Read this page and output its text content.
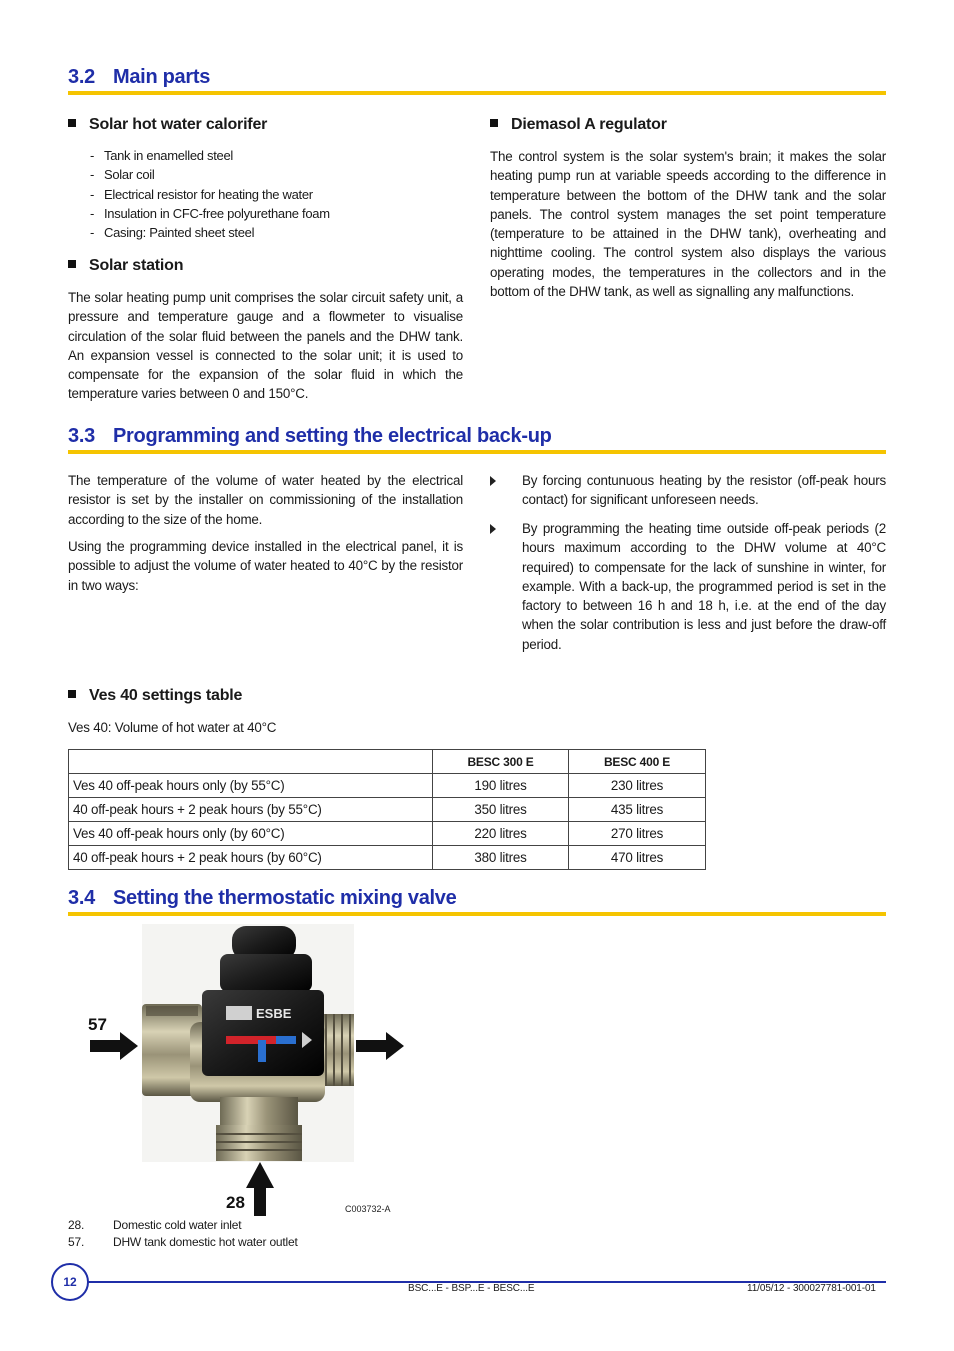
3.2 Main parts
Solar hot water calorifer
- Tank in enamelled steel
- Solar coil
- Electrical resistor for heating the water
- Insulation in CFC-free polyurethane foam
- Casing: Painted sheet steel
Solar station

The solar heating pump unit comprises the solar circuit safety unit, a pressure and temperature gauge and a flowmeter to visualise circulation of the solar fluid between the panels and the DHW tank. An expansion vessel is connected to the solar unit; it is used to compensate for the expansion of the solar fluid in which the temperature varies between 0 and 150°C.

Diemasol A regulator

The control system is the solar system's brain; it makes the solar heating pump run at variable speeds according to the difference in temperature between the bottom of the DHW tank and the solar panels. The control system manages the set point temperature (temperature to be attained in the DHW tank), overheating and nighttime cooling. The control system also displays the various operating modes, the temperatures in the collectors and in the bottom of the DHW tank, as well as signalling any malfunctions.

3.3 Programming and setting the electrical back-up

The temperature of the volume of water heated by the electrical resistor is set by the installer on commissioning of the installation according to the size of the home.

Using the programming device installed in the electrical panel, it is possible to adjust the volume of water heated to 40°C by the resistor in two ways:

By forcing contunuous heating by the resistor (off-peak hours contact) for significant unforeseen needs.
By programming the heating time outside off-peak periods (2 hours maximum according to the DHW volume at 40°C required) to compensate for the lack of sunshine in winter, for example. With a back-up, the programmed period is set in the factory to between 16 h and 18 h, i.e. at the end of the day when the solar contribution is less and just before the draw-off period.
Ves 40 settings table

Ves 40: Volume of hot water at 40°C

	BESC 300 E	BESC 400 E
Ves 40 off-peak hours only (by 55°C)	190 litres	230 litres
40 off-peak hours + 2 peak hours (by 55°C)	350 litres	435 litres
Ves 40 off-peak hours only (by 60°C)	220 litres	270 litres
40 off-peak hours + 2 peak hours (by 60°C)	380 litres	470 litres
3.4 Setting the thermostatic mixing valve
ESBE
57
28	C003732-A
28. Domestic cold water inlet
57. DHW tank domestic hot water outlet
12	BSC...E - BSP...E - BESC...E	11/05/12 - 300027781-001-01
